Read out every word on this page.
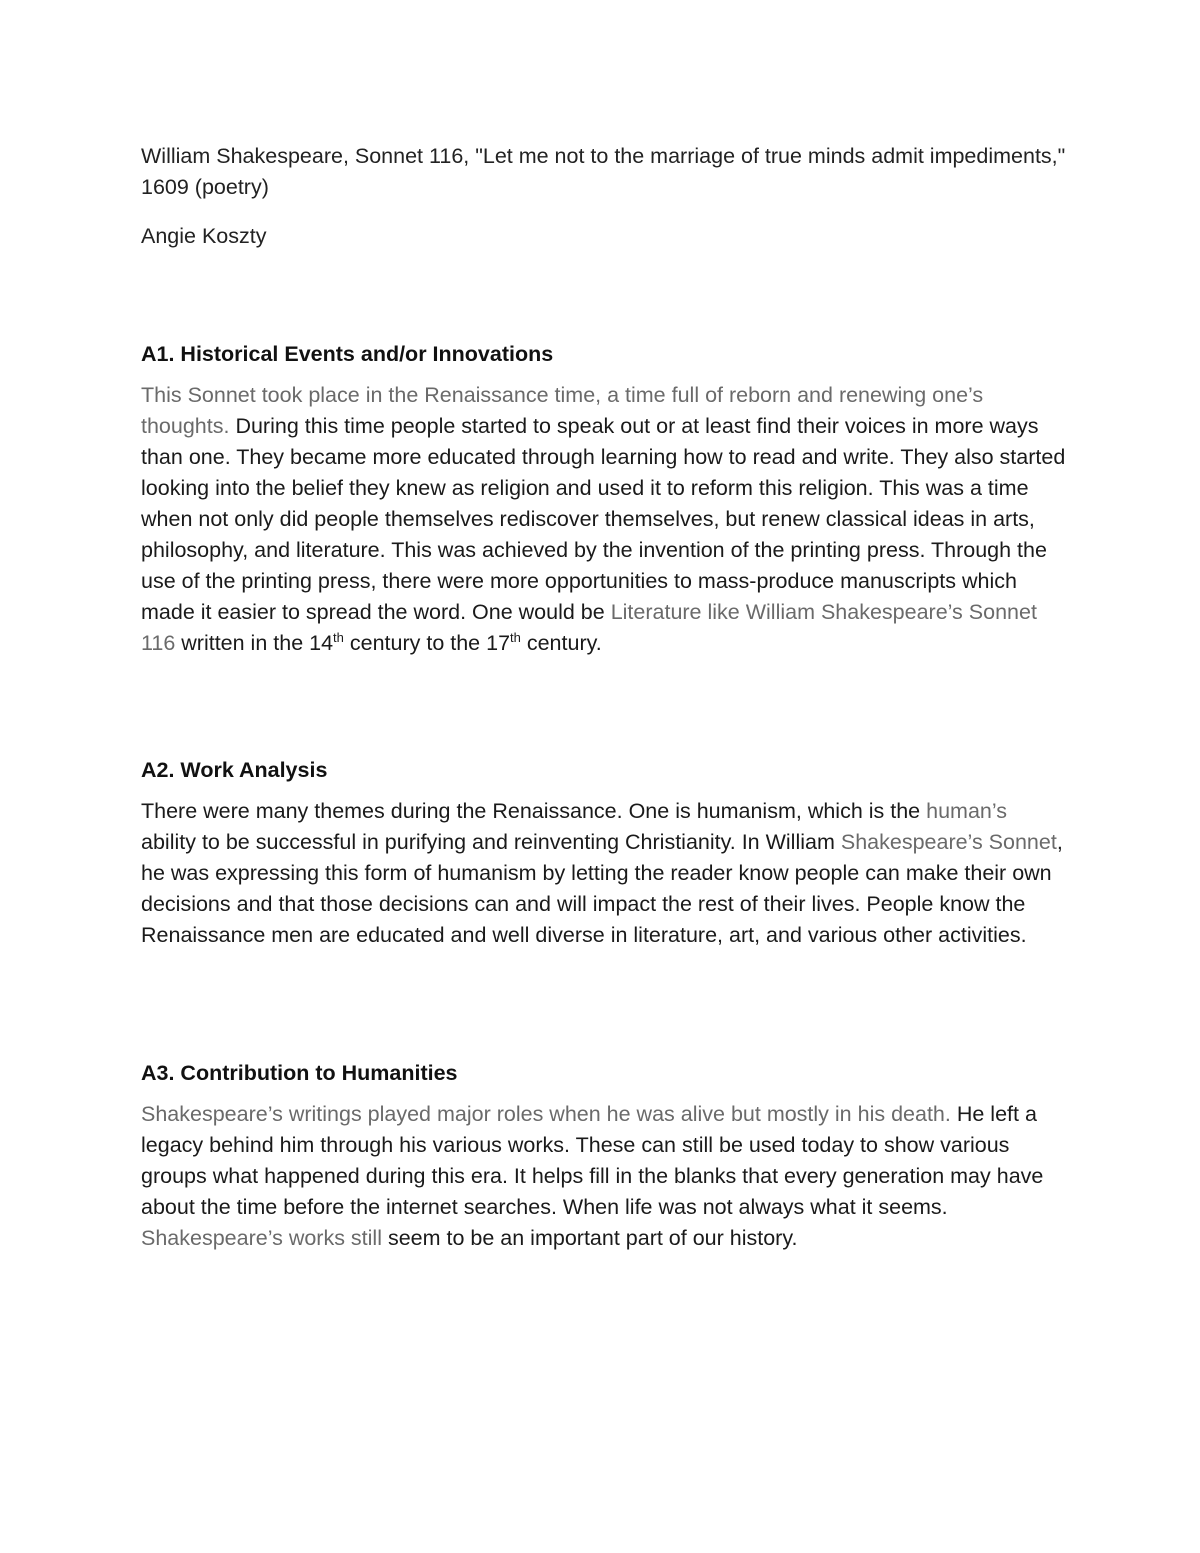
William Shakespeare, Sonnet 116, "Let me not to the marriage of true minds admit impediments," 1609 (poetry)

Angie Koszty

A1. Historical Events and/or Innovations

This Sonnet took place in the Renaissance time, a time full of reborn and renewing one’s thoughts. During this time people started to speak out or at least find their voices in more ways than one. They became more educated through learning how to read and write. They also started looking into the belief they knew as religion and used it to reform this religion. This was a time when not only did people themselves rediscover themselves, but renew classical ideas in arts, philosophy, and literature. This was achieved by the invention of the printing press. Through the use of the printing press, there were more opportunities to mass-produce manuscripts which made it easier to spread the word. One would be Literature like William Shakespeare’s Sonnet 116 written in the 14th century to the 17th century.

A2. Work Analysis

There were many themes during the Renaissance. One is humanism, which is the human’s ability to be successful in purifying and reinventing Christianity. In William Shakespeare’s Sonnet, he was expressing this form of humanism by letting the reader know people can make their own decisions and that those decisions can and will impact the rest of their lives. People know the Renaissance men are educated and well diverse in literature, art, and various other activities.

A3. Contribution to Humanities

Shakespeare’s writings played major roles when he was alive but mostly in his death. He left a legacy behind him through his various works. These can still be used today to show various groups what happened during this era. It helps fill in the blanks that every generation may have about the time before the internet searches. When life was not always what it seems. Shakespeare’s works still seem to be an important part of our history.
